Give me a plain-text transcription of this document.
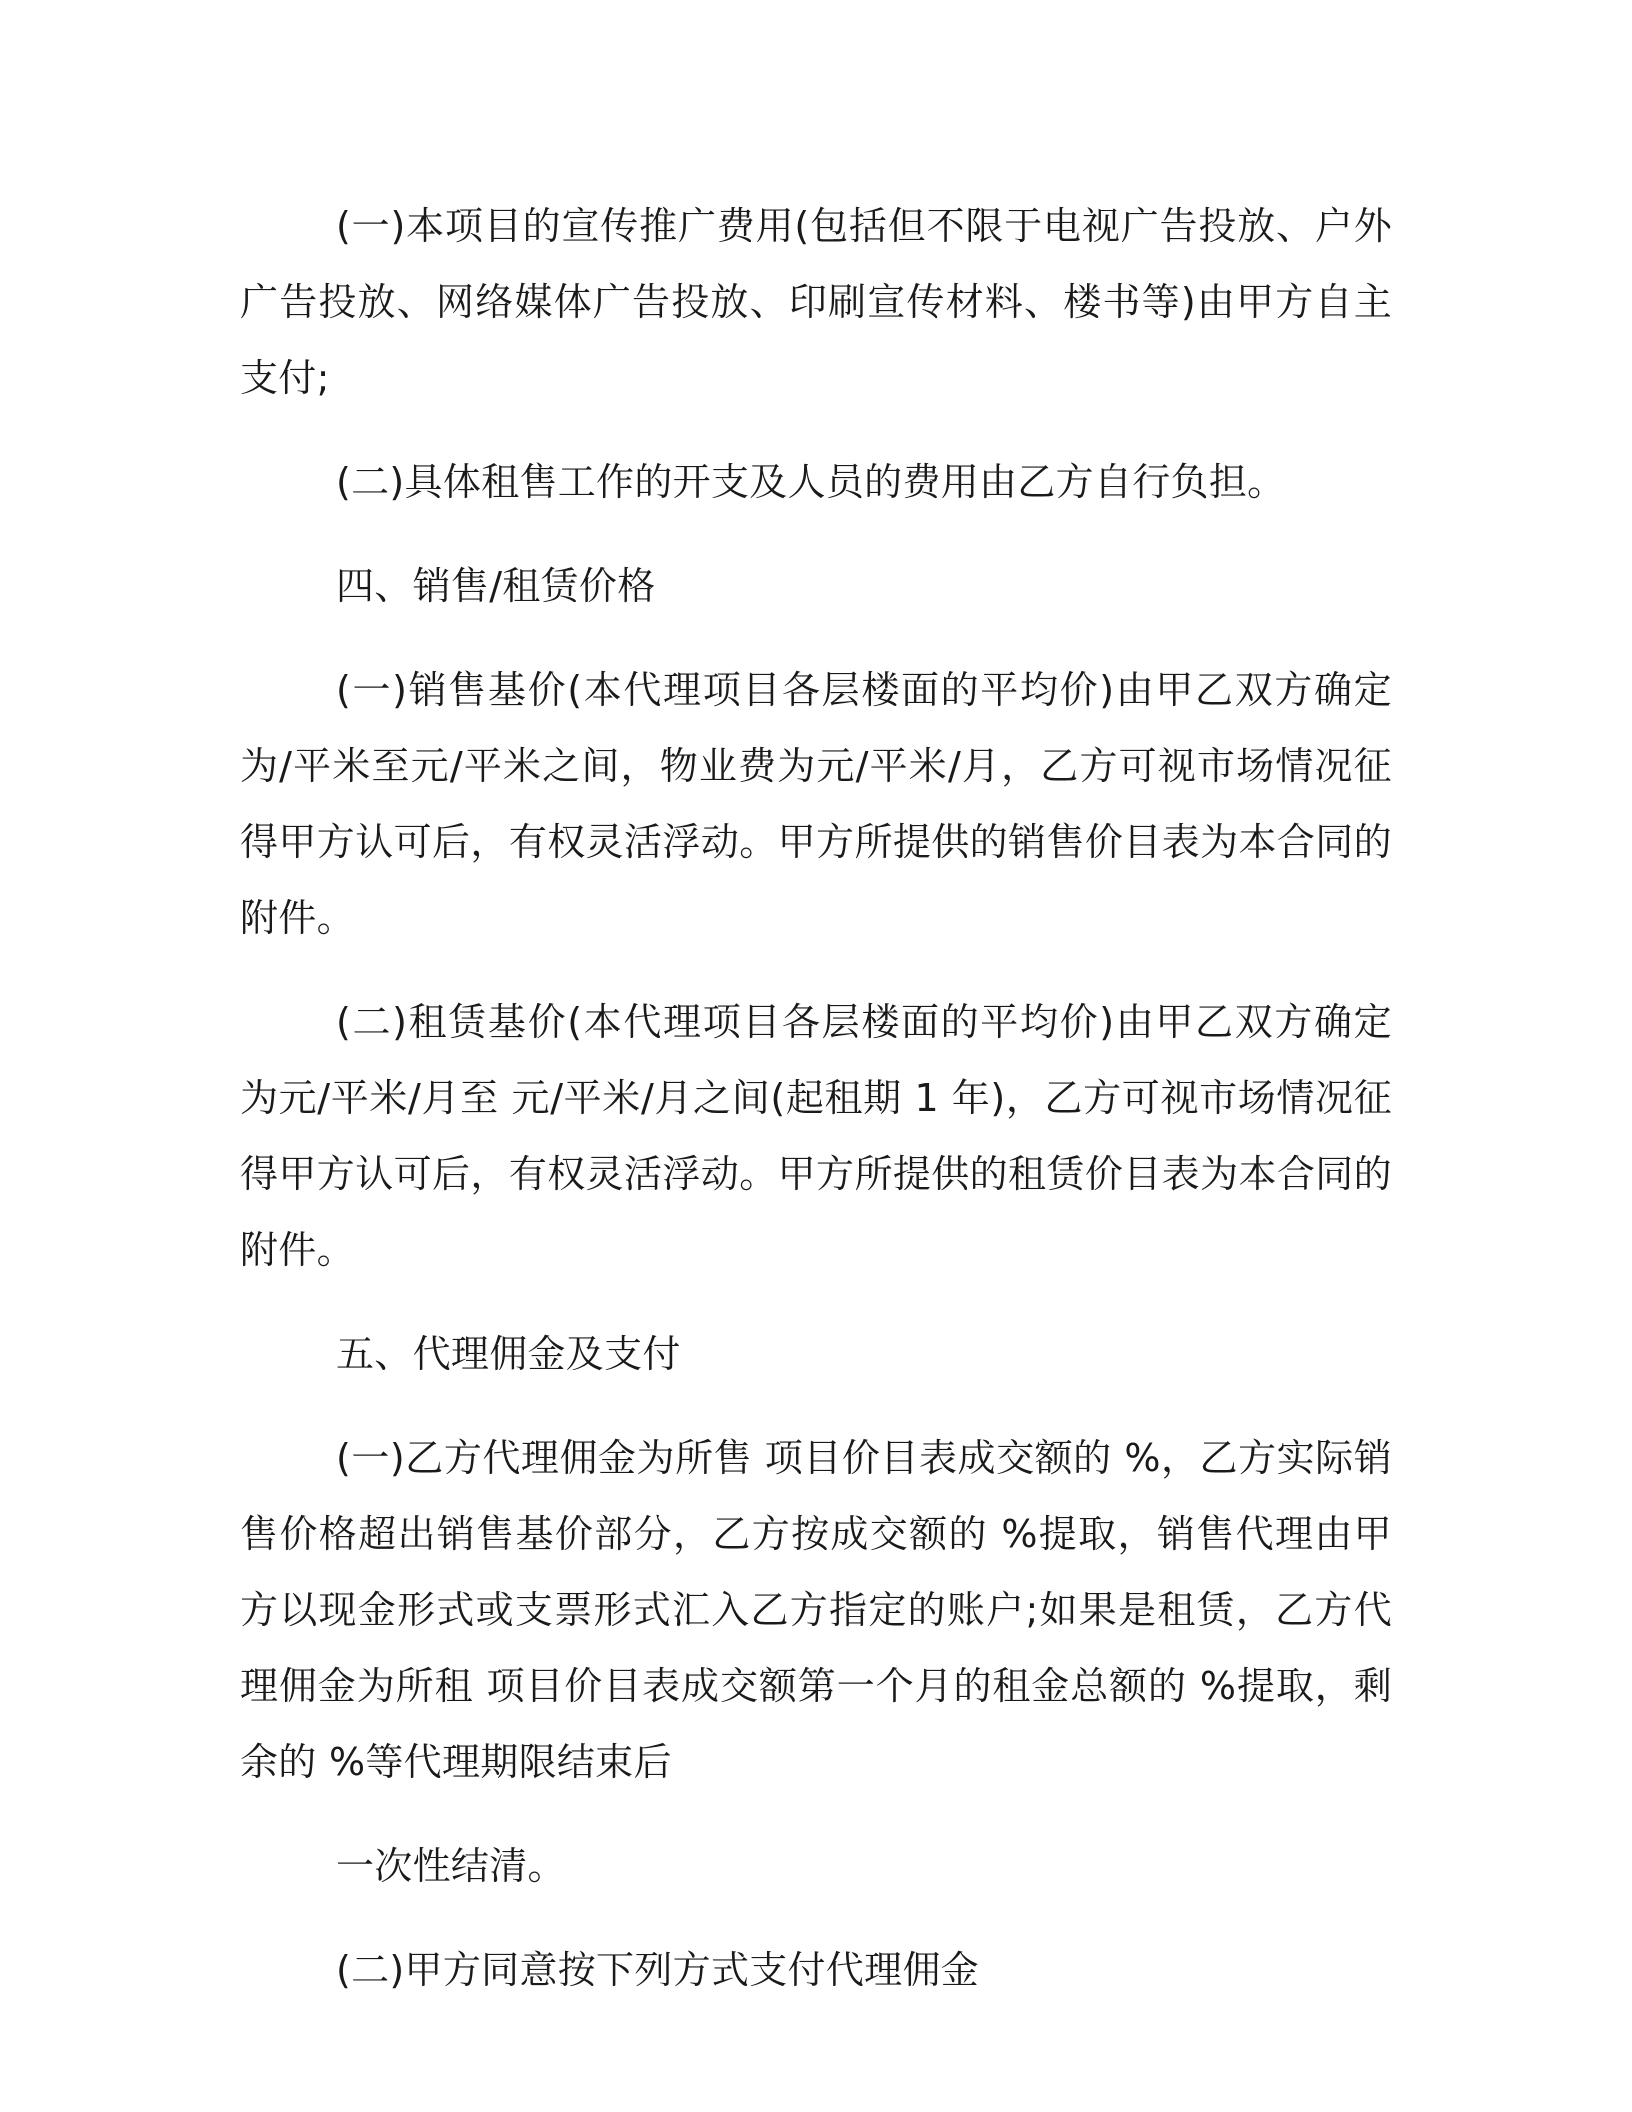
(一)本项目的宣传推广费用(包括但不限于电视广告投放、户外广告投放、网络媒体广告投放、印刷宣传材料、楼书等)由甲方自主支付;

(二)具体租售工作的开支及人员的费用由乙方自行负担。

四、销售/租赁价格

(一)销售基价(本代理项目各层楼面的平均价)由甲乙双方确定为/平米至元/平米之间，物业费为元/平米/月，乙方可视市场情况征得甲方认可后，有权灵活浮动。甲方所提供的销售价目表为本合同的附件。

(二)租赁基价(本代理项目各层楼面的平均价)由甲乙双方确定为元/平米/月至 元/平米/月之间(起租期 1 年)，乙方可视市场情况征得甲方认可后，有权灵活浮动。甲方所提供的租赁价目表为本合同的附件。

五、代理佣金及支付

(一)乙方代理佣金为所售 项目价目表成交额的 %，乙方实际销售价格超出销售基价部分，乙方按成交额的 %提取，销售代理由甲方以现金形式或支票形式汇入乙方指定的账户;如果是租赁，乙方代理佣金为所租 项目价目表成交额第一个月的租金总额的 %提取，剩余的 %等代理期限结束后

一次性结清。

(二)甲方同意按下列方式支付代理佣金
